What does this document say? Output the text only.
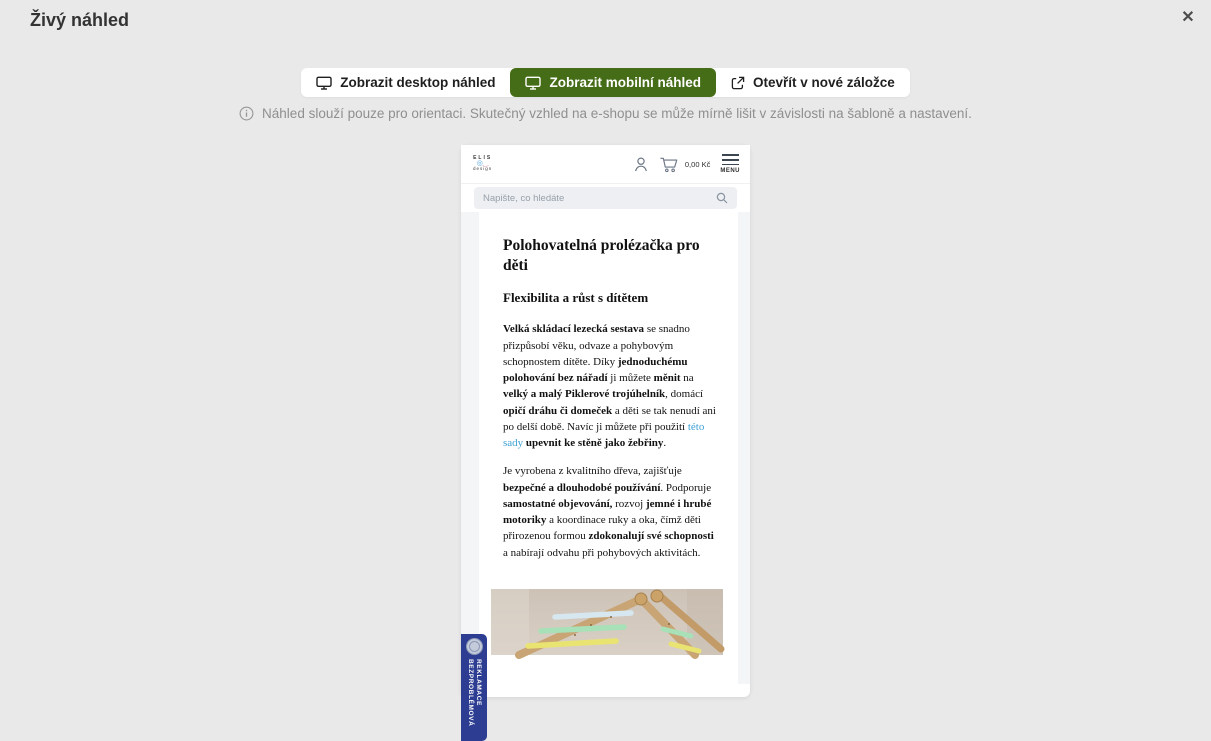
Živý náhled	✕
Zobrazit desktop náhled	Zobrazit mobilní náhled	Otevřít v nové záložce
Náhled slouží pouze pro orientaci. Skutečný vzhled na e-shopu se může mírně lišit v závislosti na šabloně a nastavení.
ELIS
◎‿
design
0,00 Kč
MENU
Napište, co hledáte
Polohovatelná prolézačka pro děti
Flexibilita a růst s dítětem

Velká skládací lezecká sestava se snadno přizpůsobí věku, odvaze a pohybovým schopnostem dítěte. Díky jednoduchému polohování bez nářadí ji můžete měnit na velký a malý Piklerové trojúhelník, domácí opičí dráhu či domeček a děti se tak nenudí ani po delší době. Navíc ji můžete při použití této sady upevnit ke stěně jako žebřiny.

Je vyrobena z kvalitního dřeva, zajišťuje bezpečné a dlouhodobé používání. Podporuje samostatné objevování, rozvoj jemné i hrubé motoriky a koordinace ruky a oka, čímž děti přirozenou formou zdokonalují své schopnosti a nabírají odvahu při pohybových aktivitách.

BEZPROBLÉMOVÁ REKLAMACE
